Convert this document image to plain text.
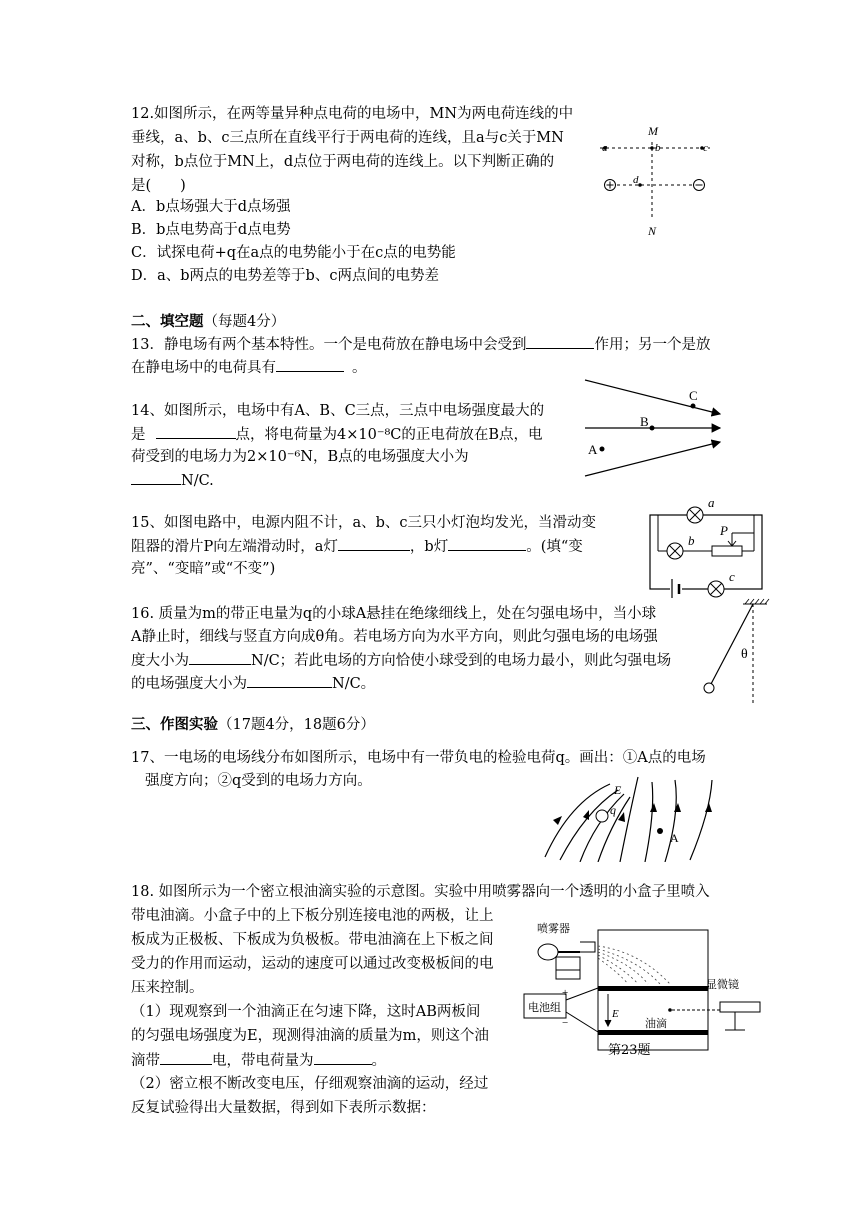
12.如图所示，在两等量异种点电荷的电场中，MN为两电荷连线的中
垂线，a、b、c三点所在直线平行于两电荷的连线，且a与c关于MN
对称，b点位于MN上，d点位于两电荷的连线上。以下判断正确的
是(　　)
A．b点场强大于d点场强
B．b点电势高于d点电势
C．试探电荷+q在a点的电势能小于在c点的电势能
D．a、b两点的电势差等于b、c两点间的电势差
M
N
a	b	c
d
二、填空题（每题4分）
13．静电场有两个基本特性。一个是电荷放在静电场中会受到	作用；另一个是放
在静电场中的电荷具有	。
14、如图所示，电场中有A、B、C三点，三点中电场强度最大的
是	点，将电荷量为4×10⁻⁸C的正电荷放在B点，电
荷受到的电场力为2×10⁻⁶N，B点的电场强度大小为
N/C.
C
B
A
15、如图电路中，电源内阻不计，a、b、c三只小灯泡均发光，当滑动变
阻器的滑片P向左端滑动时，a灯	，b灯	。(填“变
亮”、“变暗”或“不变”)
a
b
P
c
16. 质量为m的带正电量为q的小球A悬挂在绝缘细线上，处在匀强电场中，当小球
A静止时，细线与竖直方向成θ角。若电场方向为水平方向，则此匀强电场的电场强
度大小为	N/C；若此电场的方向恰使小球受到的电场力最小，则此匀强电场
的电场强度大小为	N/C。
θ
三、作图实验（17题4分，18题6分）
17、一电场的电场线分布如图所示，电场中有一带负电的检验电荷q。画出：①A点的电场
强度方向；②q受到的电场力方向。
q
E
A
18. 如图所示为一个密立根油滴实验的示意图。实验中用喷雾器向一个透明的小盒子里喷入
带电油滴。小盒子中的上下板分别连接电池的两极，让上
板成为正极板、下板成为负极板。带电油滴在上下板之间
受力的作用而运动，运动的速度可以通过改变极板间的电
压来控制。
（1）现观察到一个油滴正在匀速下降，这时AB两板间
的匀强电场强度为E，现测得油滴的质量为m，则这个油
滴带	电，带电荷量为	。
（2）密立根不断改变电压，仔细观察油滴的运动，经过
反复试验得出大量数据，得到如下表所示数据：
喷雾器
电池组
+
−
E
油滴
显微镜
第23题
